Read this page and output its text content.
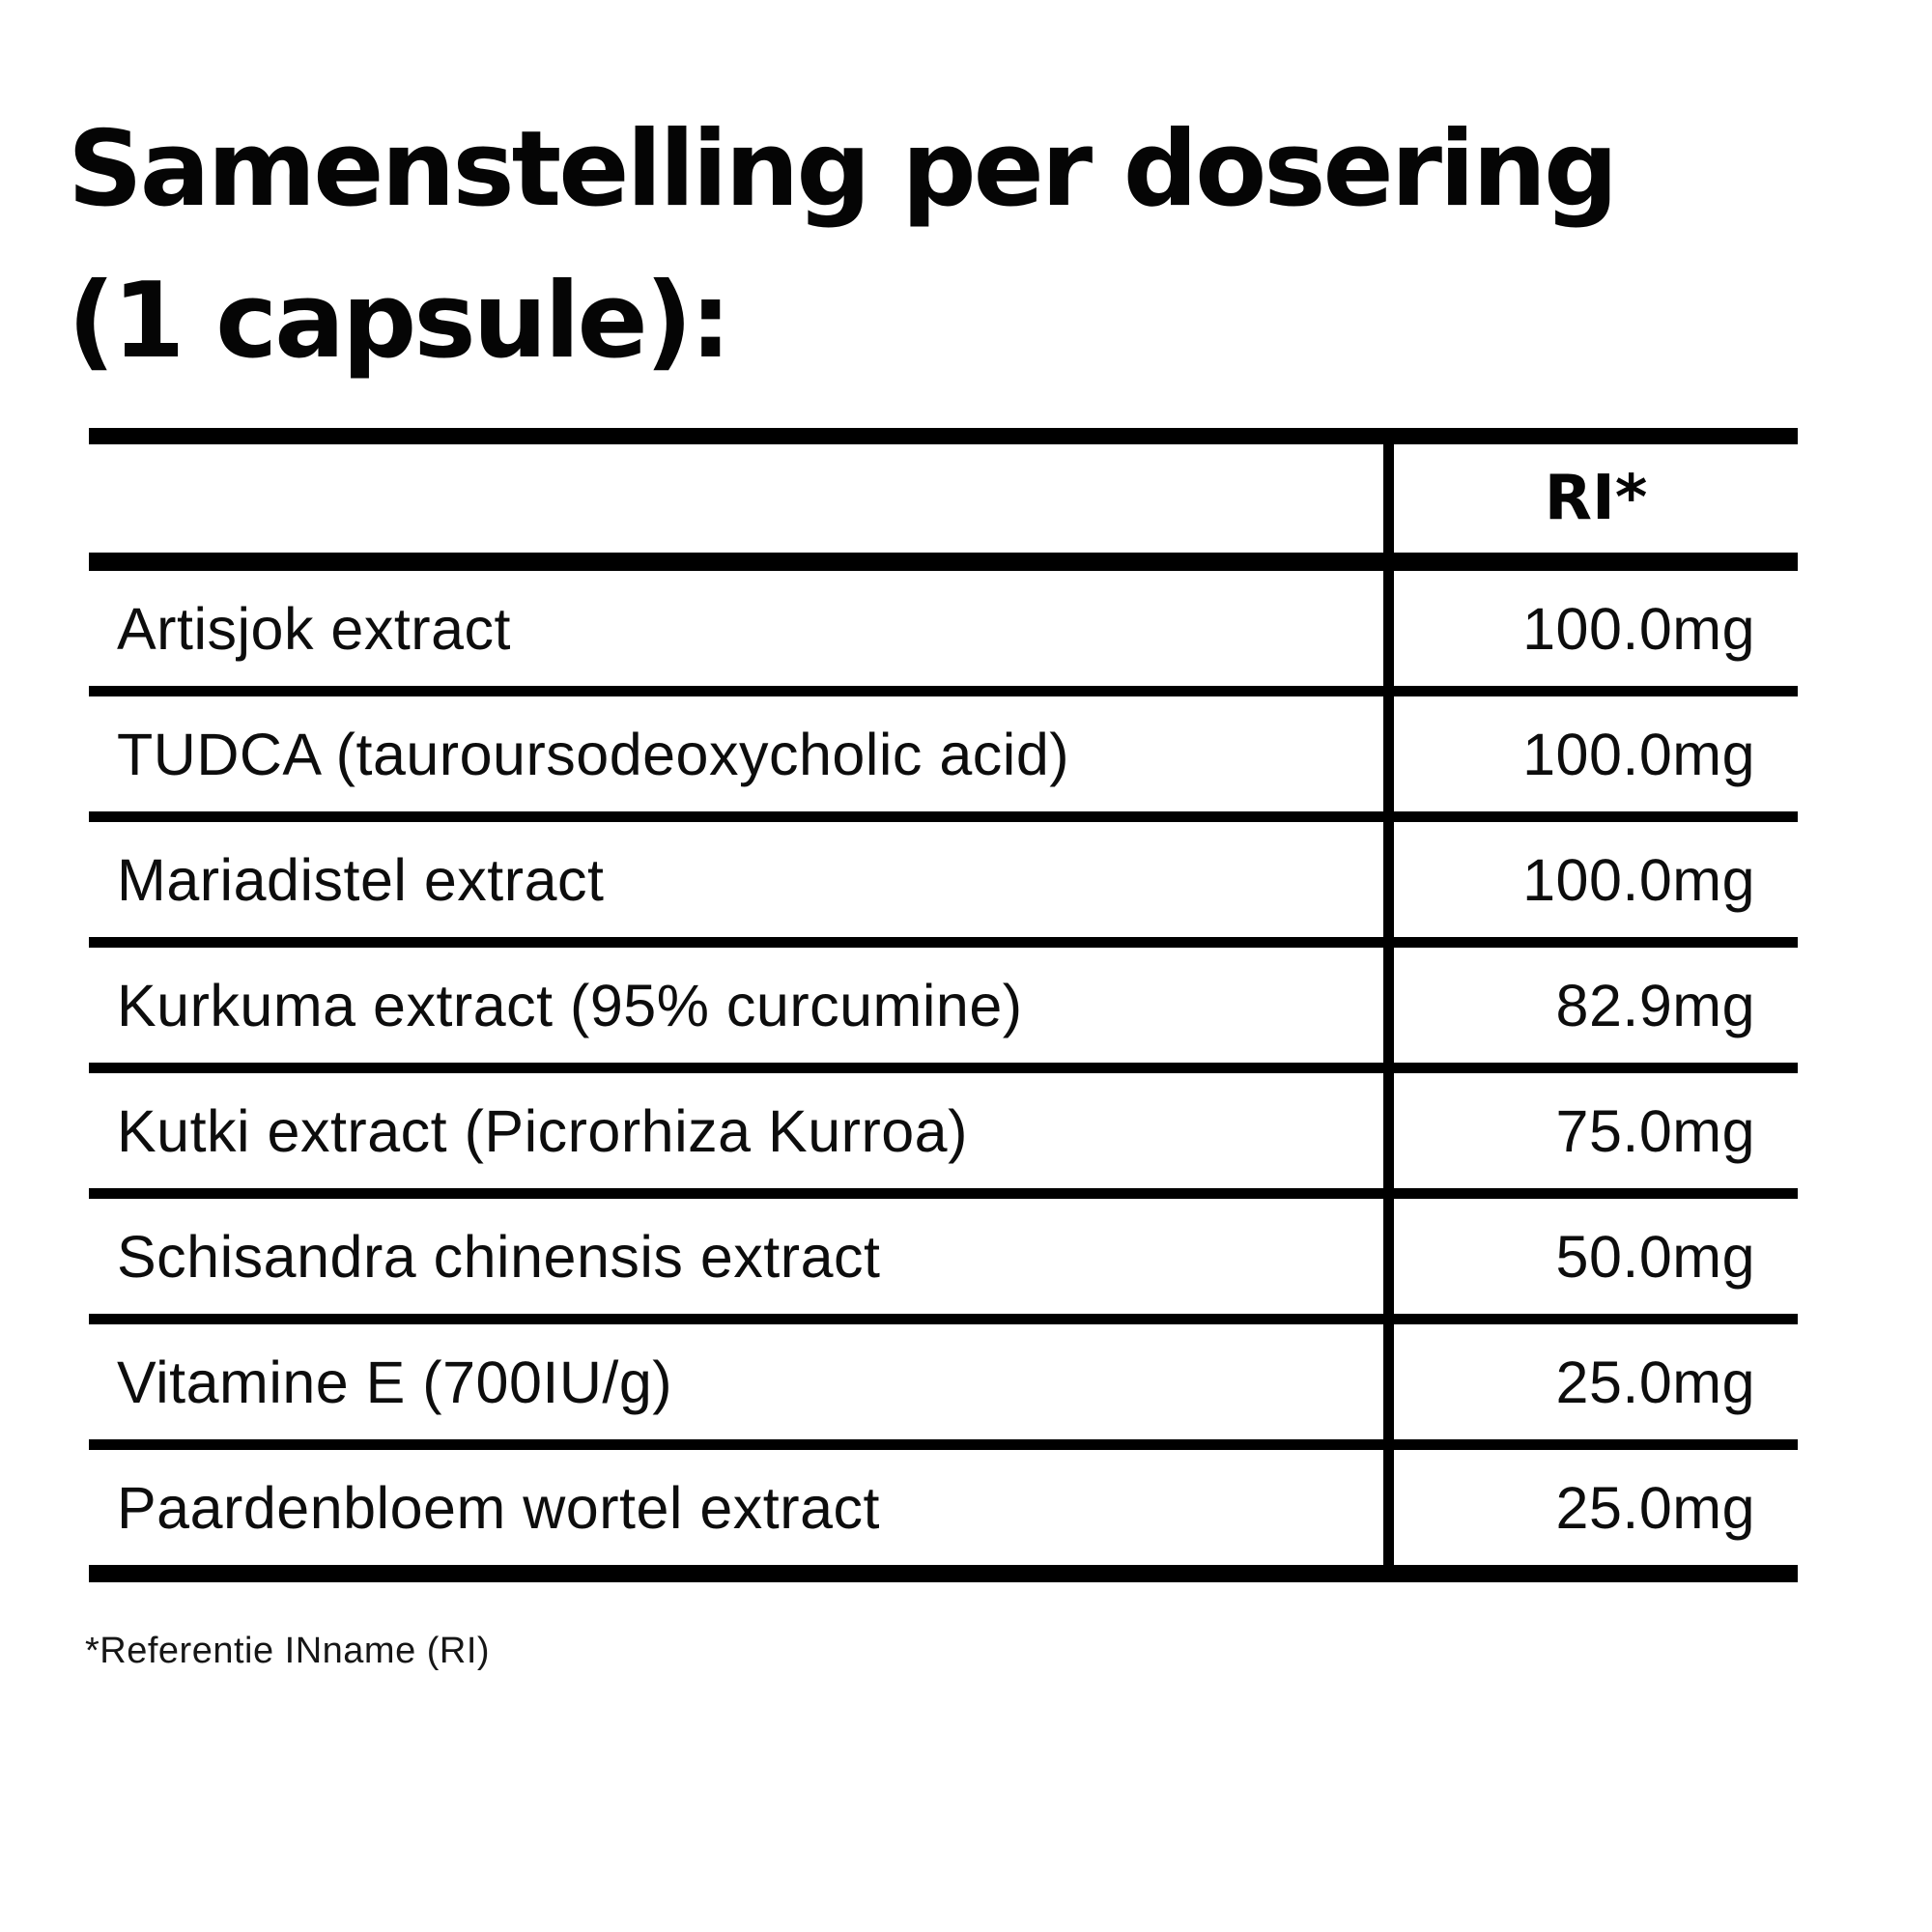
Samenstelling per dosering
(1 capsule):
RI*
Artisjok extract	100.0mg
TUDCA (tauroursodeoxycholic acid)	100.0mg
Mariadistel extract	100.0mg
Kurkuma extract (95% curcumine)	82.9mg
Kutki extract (Picrorhiza Kurroa)	75.0mg
Schisandra chinensis extract	50.0mg
Vitamine E (700IU/g)	25.0mg
Paardenbloem wortel extract	25.0mg
*Referentie INname (RI)
